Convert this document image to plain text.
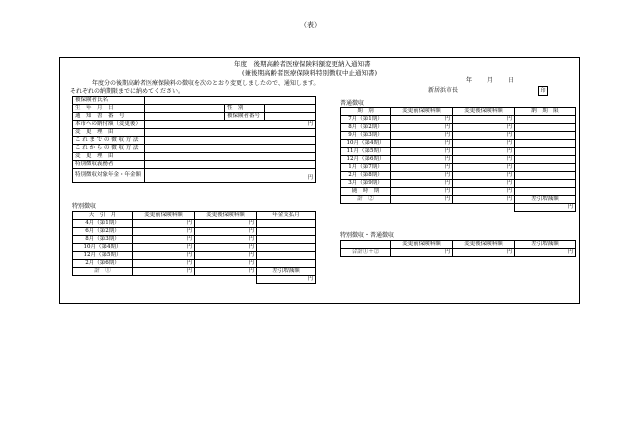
（表）
年度　後期高齢者医療保険料額変更納入通知書
(兼後期高齢者医療保険料特別徴収中止通知書)
年度分の後期高齢者医療保険料の徴収を次のとおり変更しましたので、通知します。
それぞれの納期限までに納めてください。
年 月 日
新居浜市長	印
被保険者氏名			
生　年　月　日		性　別	
通　知　書　番　号		被保険者番号	
本市への納付額（変更後）	円		
変　更　理　由			
こ れ ま で の 徴 収 方 法			
こ れ か ら の 徴 収 方 法			
変　更　理　由			
特別徴収義務者			
特別徴収対象年金・年金額	円		
特別徴収
天　引　月	変更前保険料額	変更後保険料額	年金支払月
4月（第1期）	円	円	
6月（第2期）	円	円	
8月（第3期）	円	円	
10月（第4期）	円	円	
12月（第5期）	円	円	
2月（第6期）	円	円	
計　①	円	円	差引増減額
			円
普通徴収
期　別	変更前保険料額	変更後保険料額	納　期　限
7月（第1期）	円	円	
8月（第2期）	円	円	
9月（第3期）	円	円	
10月（第4期）	円	円	
11月（第5期）	円	円	
12月（第6期）	円	円	
1月（第7期）	円	円	
2月（第8期）	円	円	
3月（第9期）	円	円	
随　時　期	円	円	
計　②	円	円	差引増減額
			円
特別徴収・普通徴収
	変更前保険料額	変更後保険料額	差引増減額
合計①＋②	円	円	円
